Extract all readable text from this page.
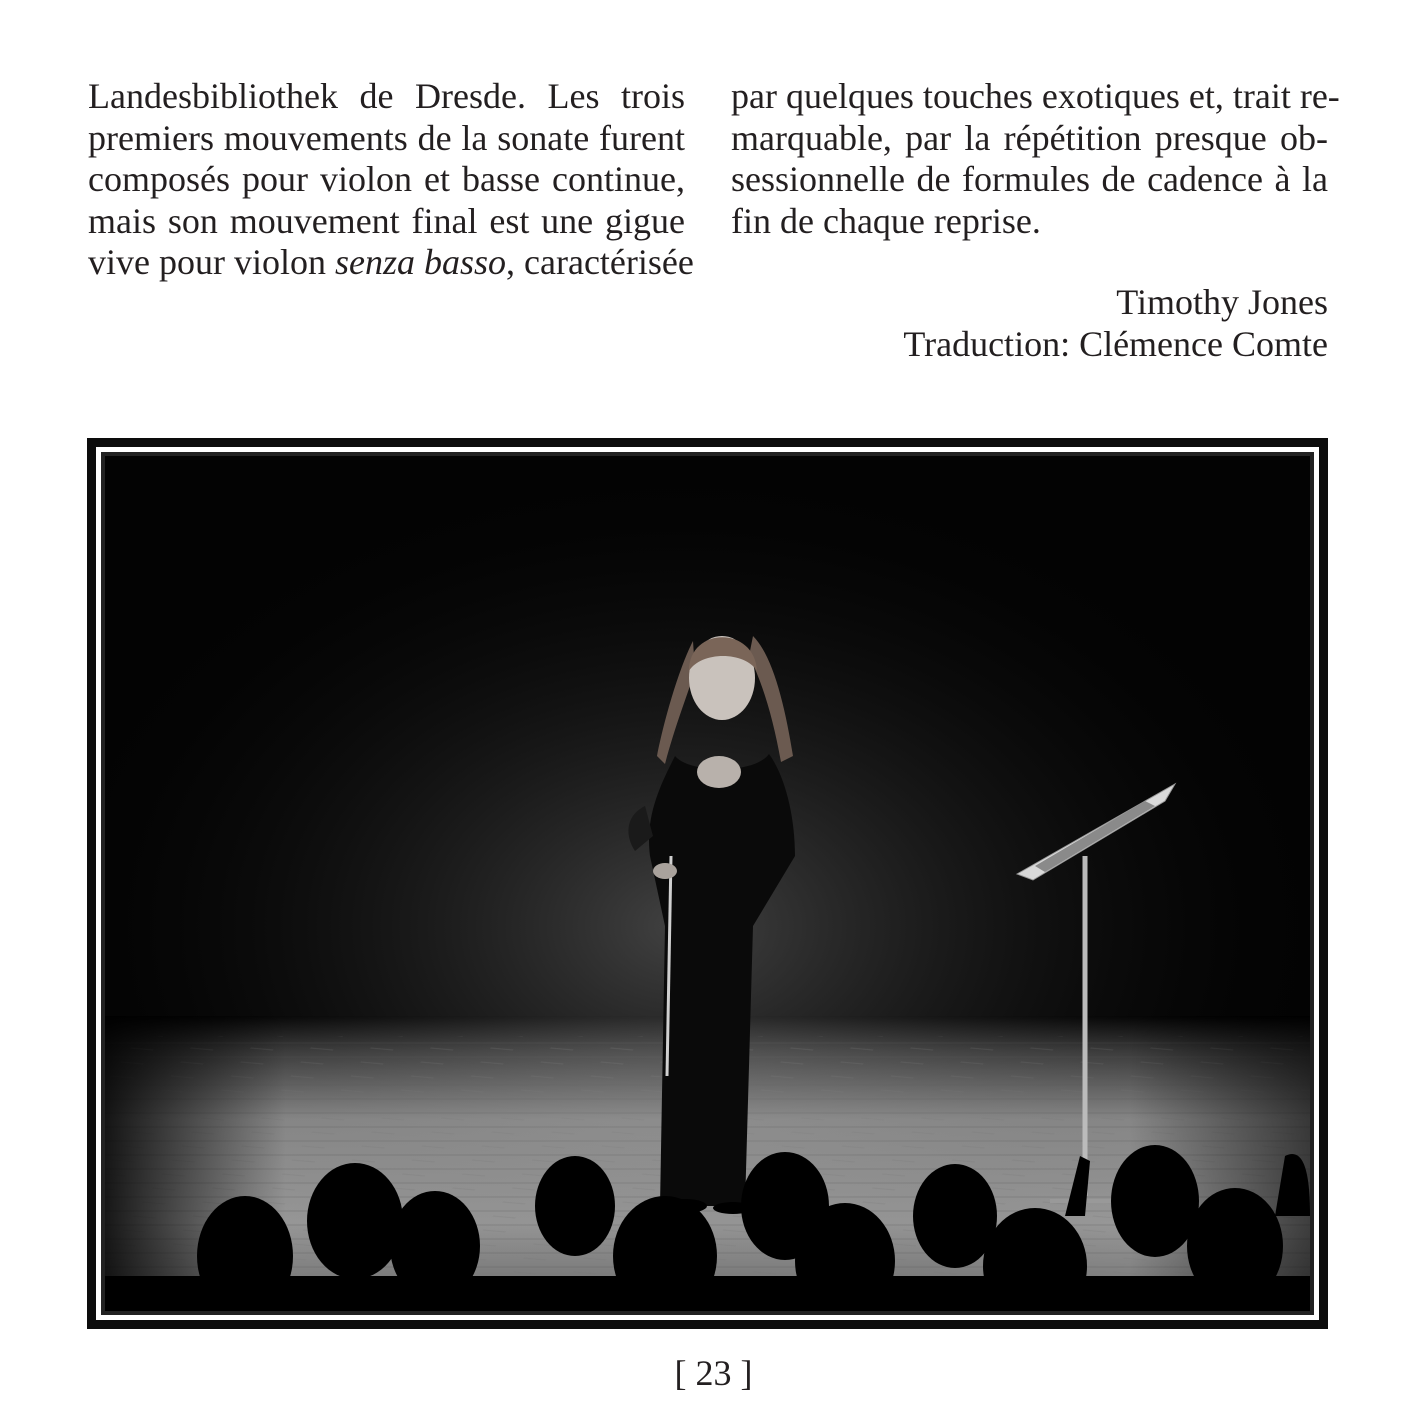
Landesbibliothek de Dresde. Les trois
premiers mouvements de la sonate furent
composés pour violon et basse continue,
mais son mouvement final est une gigue
vive pour violon senza basso, caractérisée
par quelques touches exotiques et, trait re-
marquable, par la répétition presque ob-
sessionnelle de formules de cadence à la
fin de chaque reprise.
Timothy Jones
Traduction: Clémence Comte
[ 23 ]
